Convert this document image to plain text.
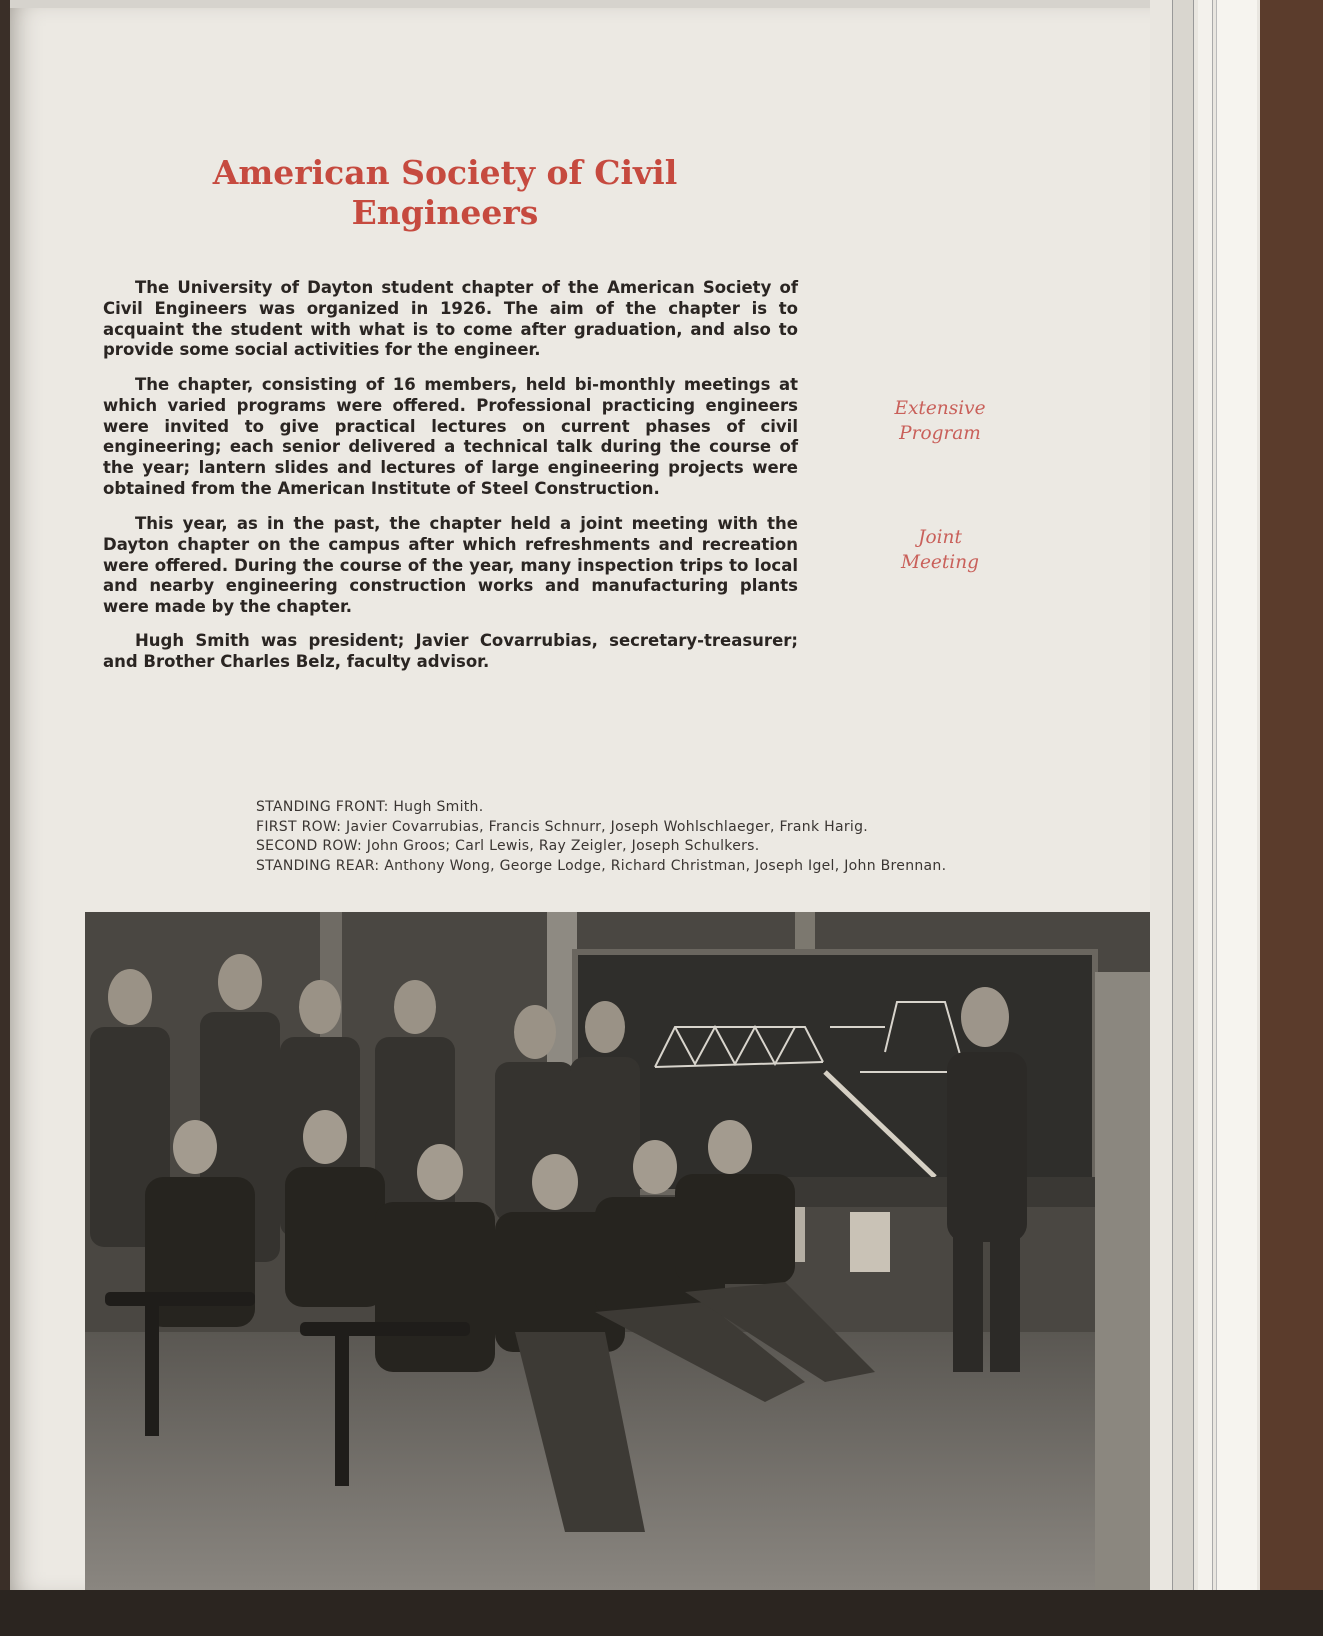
American Society of Civil
Engineers

The University of Dayton student chapter of the American Society of Civil Engineers was organized in 1926. The aim of the chapter is to acquaint the student with what is to come after graduation, and also to provide some social activities for the engineer.

The chapter, consisting of 16 members, held bi-monthly meetings at which varied programs were offered. Professional practicing engineers were invited to give practical lectures on current phases of civil engineering; each senior delivered a technical talk during the course of the year; lantern slides and lectures of large engineering projects were obtained from the American Institute of Steel Construction.

This year, as in the past, the chapter held a joint meeting with the Dayton chapter on the campus after which refreshments and recreation were offered. During the course of the year, many inspection trips to local and nearby engineering construction works and manufacturing plants were made by the chapter.

Hugh Smith was president; Javier Covarrubias, secretary-treasurer; and Brother Charles Belz, faculty advisor.

Extensive
Program
Joint
Meeting
STANDING FRONT: Hugh Smith.
FIRST ROW: Javier Covarrubias, Francis Schnurr, Joseph Wohlschlaeger, Frank Harig.
SECOND ROW: John Groos; Carl Lewis, Ray Zeigler, Joseph Schulkers.
STANDING REAR: Anthony Wong, George Lodge, Richard Christman, Joseph Igel, John Brennan.
